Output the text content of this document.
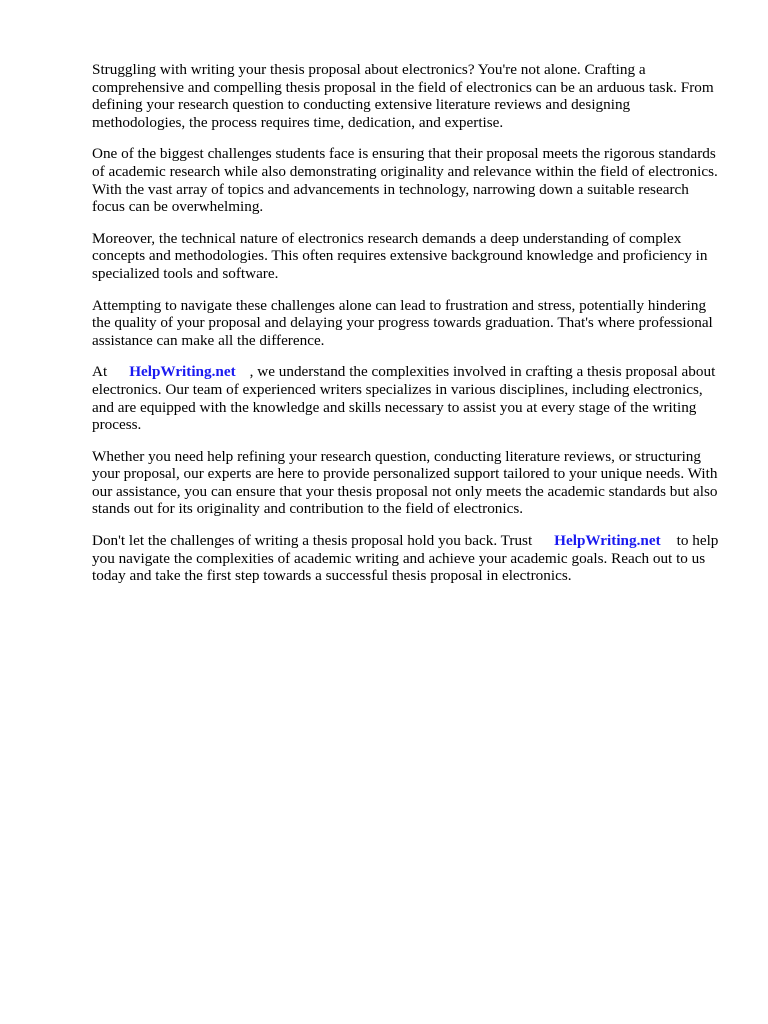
Struggling with writing your thesis proposal about electronics? You're not alone. Crafting a comprehensive and compelling thesis proposal in the field of electronics can be an arduous task. From defining your research question to conducting extensive literature reviews and designing methodologies, the process requires time, dedication, and expertise.

One of the biggest challenges students face is ensuring that their proposal meets the rigorous standards of academic research while also demonstrating originality and relevance within the field of electronics. With the vast array of topics and advancements in technology, narrowing down a suitable research focus can be overwhelming.

Moreover, the technical nature of electronics research demands a deep understanding of complex concepts and methodologies. This often requires extensive background knowledge and proficiency in specialized tools and software.

Attempting to navigate these challenges alone can lead to frustration and stress, potentially hindering the quality of your proposal and delaying your progress towards graduation. That's where professional assistance can make all the difference.

At HelpWriting.net , we understand the complexities involved in crafting a thesis proposal about electronics. Our team of experienced writers specializes in various disciplines, including electronics, and are equipped with the knowledge and skills necessary to assist you at every stage of the writing process.

Whether you need help refining your research question, conducting literature reviews, or structuring your proposal, our experts are here to provide personalized support tailored to your unique needs. With our assistance, you can ensure that your thesis proposal not only meets the academic standards but also stands out for its originality and contribution to the field of electronics.

Don't let the challenges of writing a thesis proposal hold you back. Trust HelpWriting.net to help you navigate the complexities of academic writing and achieve your academic goals. Reach out to us today and take the first step towards a successful thesis proposal in electronics.
